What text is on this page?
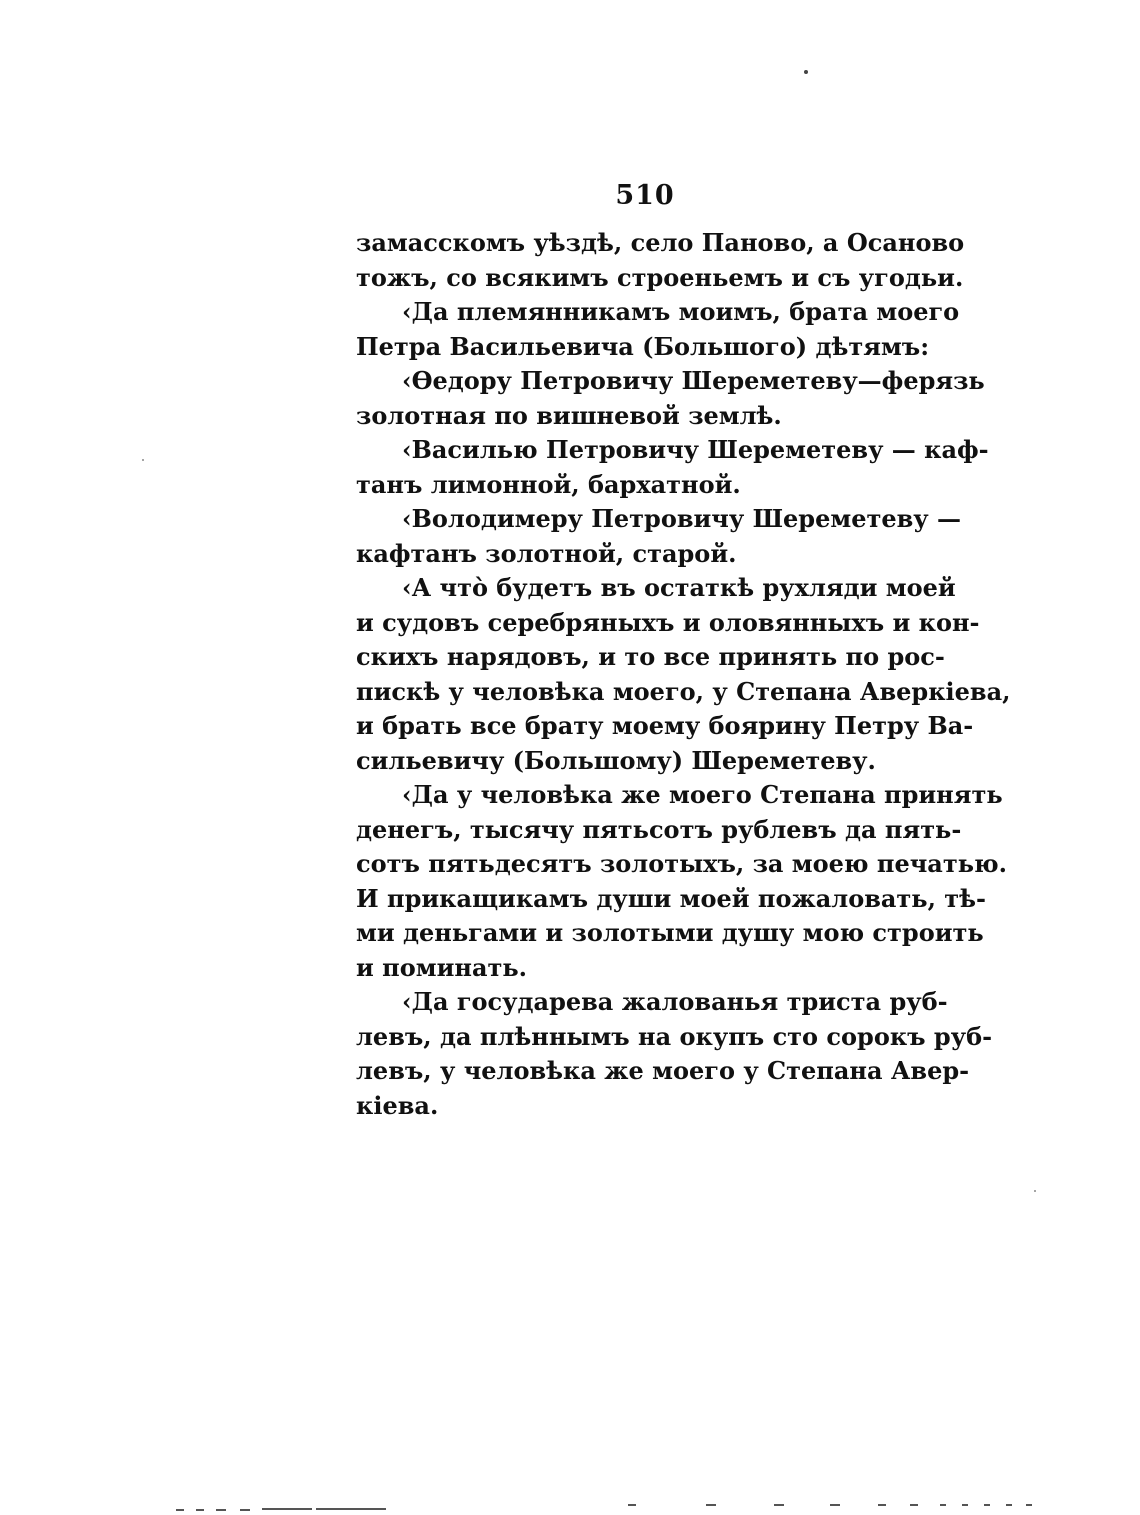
510
замасскомъ уѣздѣ, село Паново, а Осаново
тожъ, со всякимъ строеньемъ и съ угодьи.
‹Да племянникамъ моимъ, брата моего
Петра Васильевича (Большого) дѣтямъ:
‹Ѳедору Петровичу Шереметеву—ферязь
золотная по вишневой землѣ.
‹Василью Петровичу Шереметеву — каф-
танъ лимонной, бархатной.
‹Володимеру Петровичу Шереметеву —
кафтанъ золотной, старой.
‹А что̀ будетъ въ остаткѣ рухляди моей
и судовъ серебряныхъ и оловянныхъ и кон-
скихъ нарядовъ, и то все принять по рос-
пискѣ у человѣка моего, у Степана Аверкіева,
и брать все брату моему боярину Петру Ва-
сильевичу (Большому) Шереметеву.
‹Да у человѣка же моего Степана принять
денегъ, тысячу пятьсотъ рублевъ да пять-
сотъ пятьдесятъ золотыхъ, за моею печатью.
И прикащикамъ души моей пожаловать, тѣ-
ми деньгами и золотыми душу мою строить
и поминать.
‹Да государева жалованья триста руб-
левъ, да плѣннымъ на окупъ сто сорокъ руб-
левъ, у человѣка же моего у Степана Авер-
кіева.
